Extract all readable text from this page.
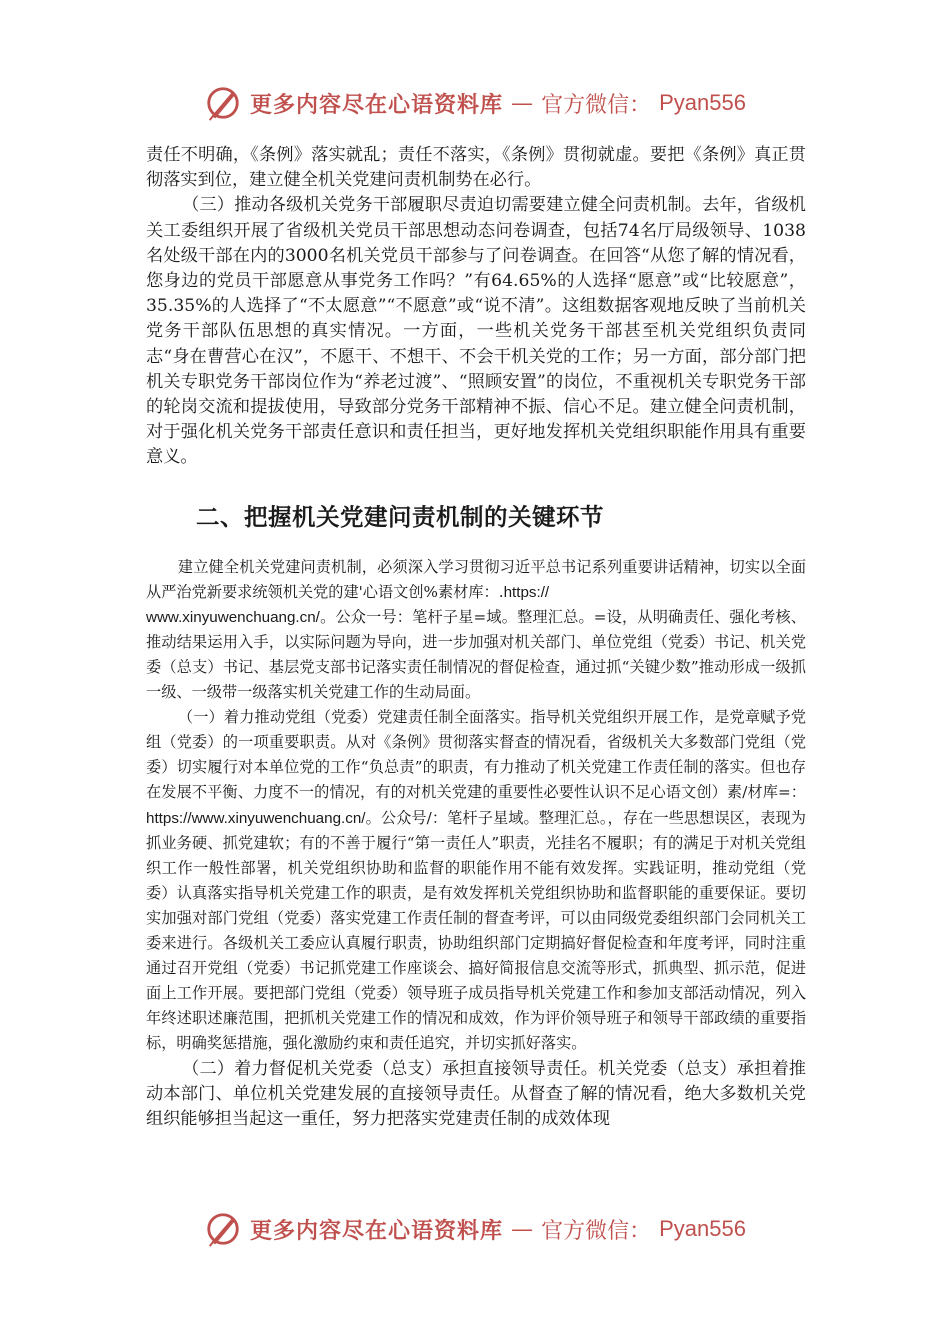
更多内容尽在心语资料库 — 官方微信： Pyan556

责任不明确，《条例》落实就乱；责任不落实，《条例》贯彻就虚。要把《条例》真正贯彻落实到位，建立健全机关党建问责机制势在必行。

（三）推动各级机关党务干部履职尽责迫切需要建立健全问责机制。去年，省级机关工委组织开展了省级机关党员干部思想动态问卷调查，包括74名厅局级领导、1038名处级干部在内的3000名机关党员干部参与了问卷调查。在回答“从您了解的情况看，您身边的党员干部愿意从事党务工作吗？”有64.65%的人选择“愿意”或“比较愿意”，35.35%的人选择了“不太愿意”“不愿意”或“说不清”。这组数据客观地反映了当前机关党务干部队伍思想的真实情况。一方面，一些机关党务干部甚至机关党组织负责同志“身在曹营心在汉”，不愿干、不想干、不会干机关党的工作；另一方面，部分部门把机关专职党务干部岗位作为“养老过渡”、“照顾安置”的岗位，不重视机关专职党务干部的轮岗交流和提拔使用，导致部分党务干部精神不振、信心不足。建立健全问责机制，对于强化机关党务干部责任意识和责任担当，更好地发挥机关党组织职能作用具有重要意义。

二、把握机关党建问责机制的关键环节

建立健全机关党建问责机制，必须深入学习贯彻习近平总书记系列重要讲话精神，切实以全面从严治党新要求统领机关党的建'心语文创%素材库：.https://
www.xinyuwenchuang.cn/。公众一号：笔杆子星=域。整理汇总。=设，从明确责任、强化考核、推动结果运用入手，以实际问题为导向，进一步加强对机关部门、单位党组（党委）书记、机关党委（总支）书记、基层党支部书记落实责任制情况的督促检查，通过抓“关键少数”推动形成一级抓一级、一级带一级落实机关党建工作的生动局面。

（一）着力推动党组（党委）党建责任制全面落实。指导机关党组织开展工作，是党章赋予党组（党委）的一项重要职责。从对《条例》贯彻落实督查的情况看，省级机关大多数部门党组（党委）切实履行对本单位党的工作“负总责”的职责，有力推动了机关党建工作责任制的落实。但也存在发展不平衡、力度不一的情况，有的对机关党建的重要性必要性认识不足心语文创）素/材库=：https://www.xinyuwenchuang.cn/。公众号/：笔杆子星域。整理汇总。，存在一些思想误区，表现为抓业务硬、抓党建软；有的不善于履行“第一责任人”职责，光挂名不履职；有的满足于对机关党组织工作一般性部署，机关党组织协助和监督的职能作用不能有效发挥。实践证明，推动党组（党委）认真落实指导机关党建工作的职责，是有效发挥机关党组织协助和监督职能的重要保证。要切实加强对部门党组（党委）落实党建工作责任制的督查考评，可以由同级党委组织部门会同机关工委来进行。各级机关工委应认真履行职责，协助组织部门定期搞好督促检查和年度考评，同时注重通过召开党组（党委）书记抓党建工作座谈会、搞好简报信息交流等形式，抓典型、抓示范，促进面上工作开展。要把部门党组（党委）领导班子成员指导机关党建工作和参加支部活动情况，列入年终述职述廉范围，把抓机关党建工作的情况和成效，作为评价领导班子和领导干部政绩的重要指标，明确奖惩措施，强化激励约束和责任追究，并切实抓好落实。

（二）着力督促机关党委（总支）承担直接领导责任。机关党委（总支）承担着推动本部门、单位机关党建发展的直接领导责任。从督查了解的情况看，绝大多数机关党组织能够担当起这一重任，努力把落实党建责任制的成效体现

更多内容尽在心语资料库 — 官方微信： Pyan556
